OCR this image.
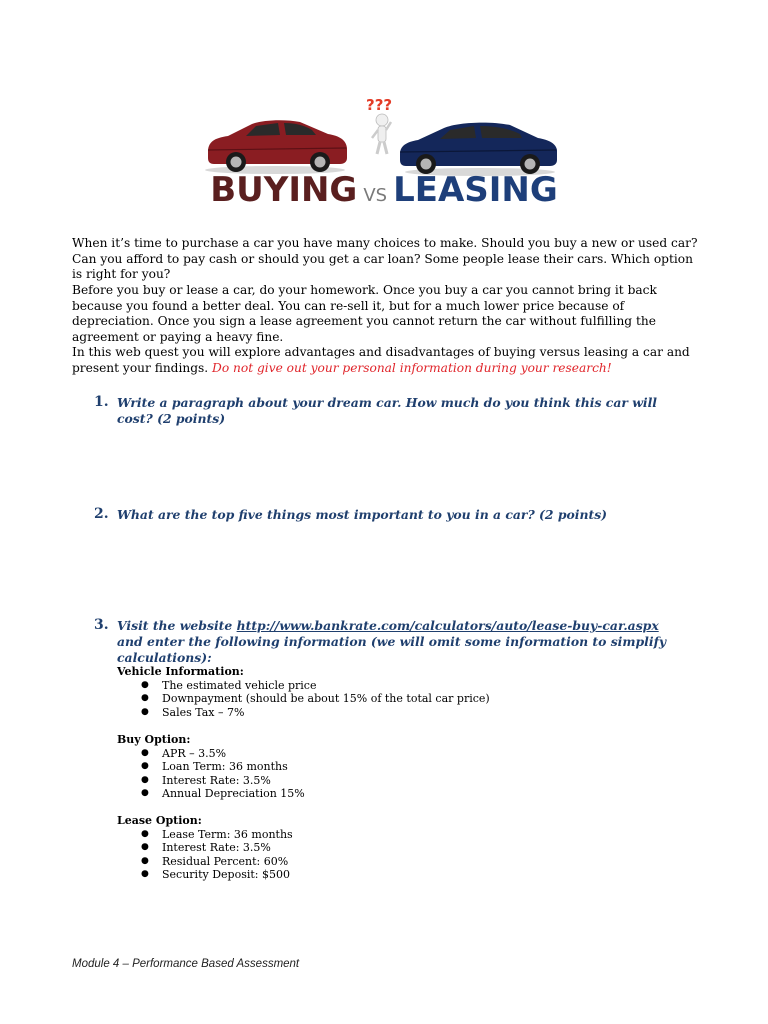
???
BUYING VS LEASING

When it’s time to purchase a car you have many choices to make. Should you buy a new or used car? Can you afford to pay cash or should you get a car loan? Some people lease their cars. Which option is right for you?

Before you buy or lease a car, do your homework. Once you buy a car you cannot bring it back because you found a better deal. You can re-sell it, but for a much lower price because of depreciation. Once you sign a lease agreement you cannot return the car without fulfilling the agreement or paying a heavy fine.

In this web quest you will explore advantages and disadvantages of buying versus leasing a car and present your findings. Do not give out your personal information during your research!

1. Write a paragraph about your dream car. How much do you think this car will cost? (2 points)
2. What are the top five things most important to you in a car? (2 points)
3. Visit the website http://www.bankrate.com/calculators/auto/lease-buy-car.aspx and enter the following information (we will omit some information to simplify calculations):
Vehicle Information:
● The estimated vehicle price
● Downpayment (should be about 15% of the total car price)
● Sales Tax – 7%
Buy Option:
● APR – 3.5%
● Loan Term: 36 months
● Interest Rate: 3.5%
● Annual Depreciation 15%
Lease Option:
● Lease Term: 36 months
● Interest Rate: 3.5%
● Residual Percent: 60%
● Security Deposit: $500
Module 4 – Performance Based Assessment
